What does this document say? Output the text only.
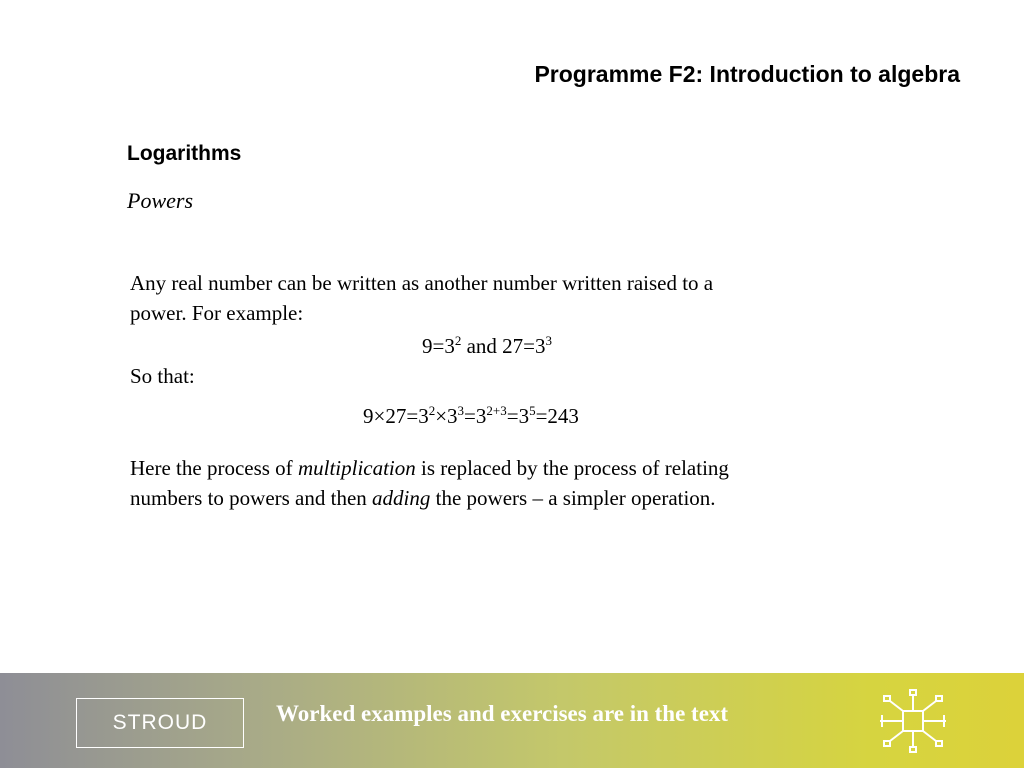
Programme F2: Introduction to algebra
Logarithms
Powers
Any real number can be written as another number written raised to a
power. For example:
$9=3^2$ and $27=3^3$
So that:
$9\times 27=3^2\times 3^3=3^{2+3}=3^5=243$
Here the process of multiplication is replaced by the process of relating
numbers to powers and then adding the powers – a simpler operation.
STROUD	Worked examples and exercises are in the text
